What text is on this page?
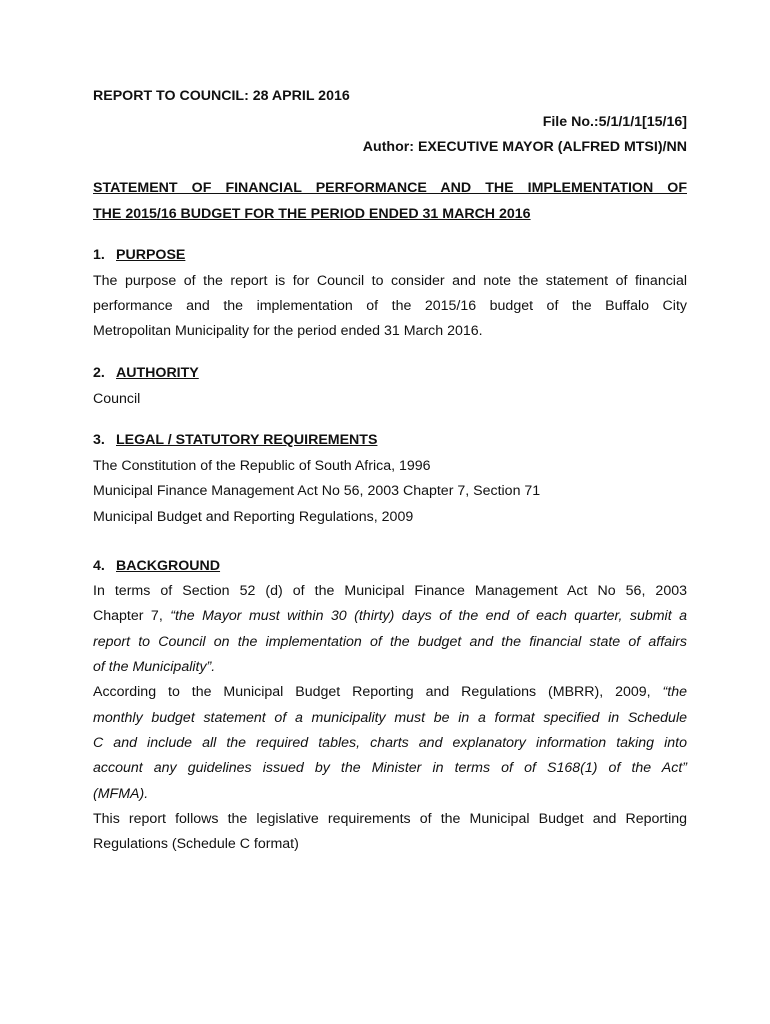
REPORT TO COUNCIL: 28 APRIL 2016
File No.:5/1/1/1[15/16]
Author: EXECUTIVE MAYOR (ALFRED MTSI)/NN
STATEMENT OF FINANCIAL PERFORMANCE AND THE IMPLEMENTATION OF
THE 2015/16 BUDGET FOR THE PERIOD ENDED 31 MARCH 2016
1. PURPOSE
The purpose of the report is for Council to consider and note the statement of financial
performance and the implementation of the 2015/16 budget of the Buffalo City
Metropolitan Municipality for the period ended 31 March 2016.
2. AUTHORITY
Council
3. LEGAL / STATUTORY REQUIREMENTS
The Constitution of the Republic of South Africa, 1996
Municipal Finance Management Act No 56, 2003 Chapter 7, Section 71
Municipal Budget and Reporting Regulations, 2009
4. BACKGROUND
In terms of Section 52 (d) of the Municipal Finance Management Act No 56, 2003
Chapter 7, “the Mayor must within 30 (thirty) days of the end of each quarter, submit a
report to Council on the implementation of the budget and the financial state of affairs
of the Municipality”.
According to the Municipal Budget Reporting and Regulations (MBRR), 2009, “the
monthly budget statement of a municipality must be in a format specified in Schedule
C and include all the required tables, charts and explanatory information taking into
account any guidelines issued by the Minister in terms of of S168(1) of the Act”
(MFMA).
This report follows the legislative requirements of the Municipal Budget and Reporting
Regulations (Schedule C format)
